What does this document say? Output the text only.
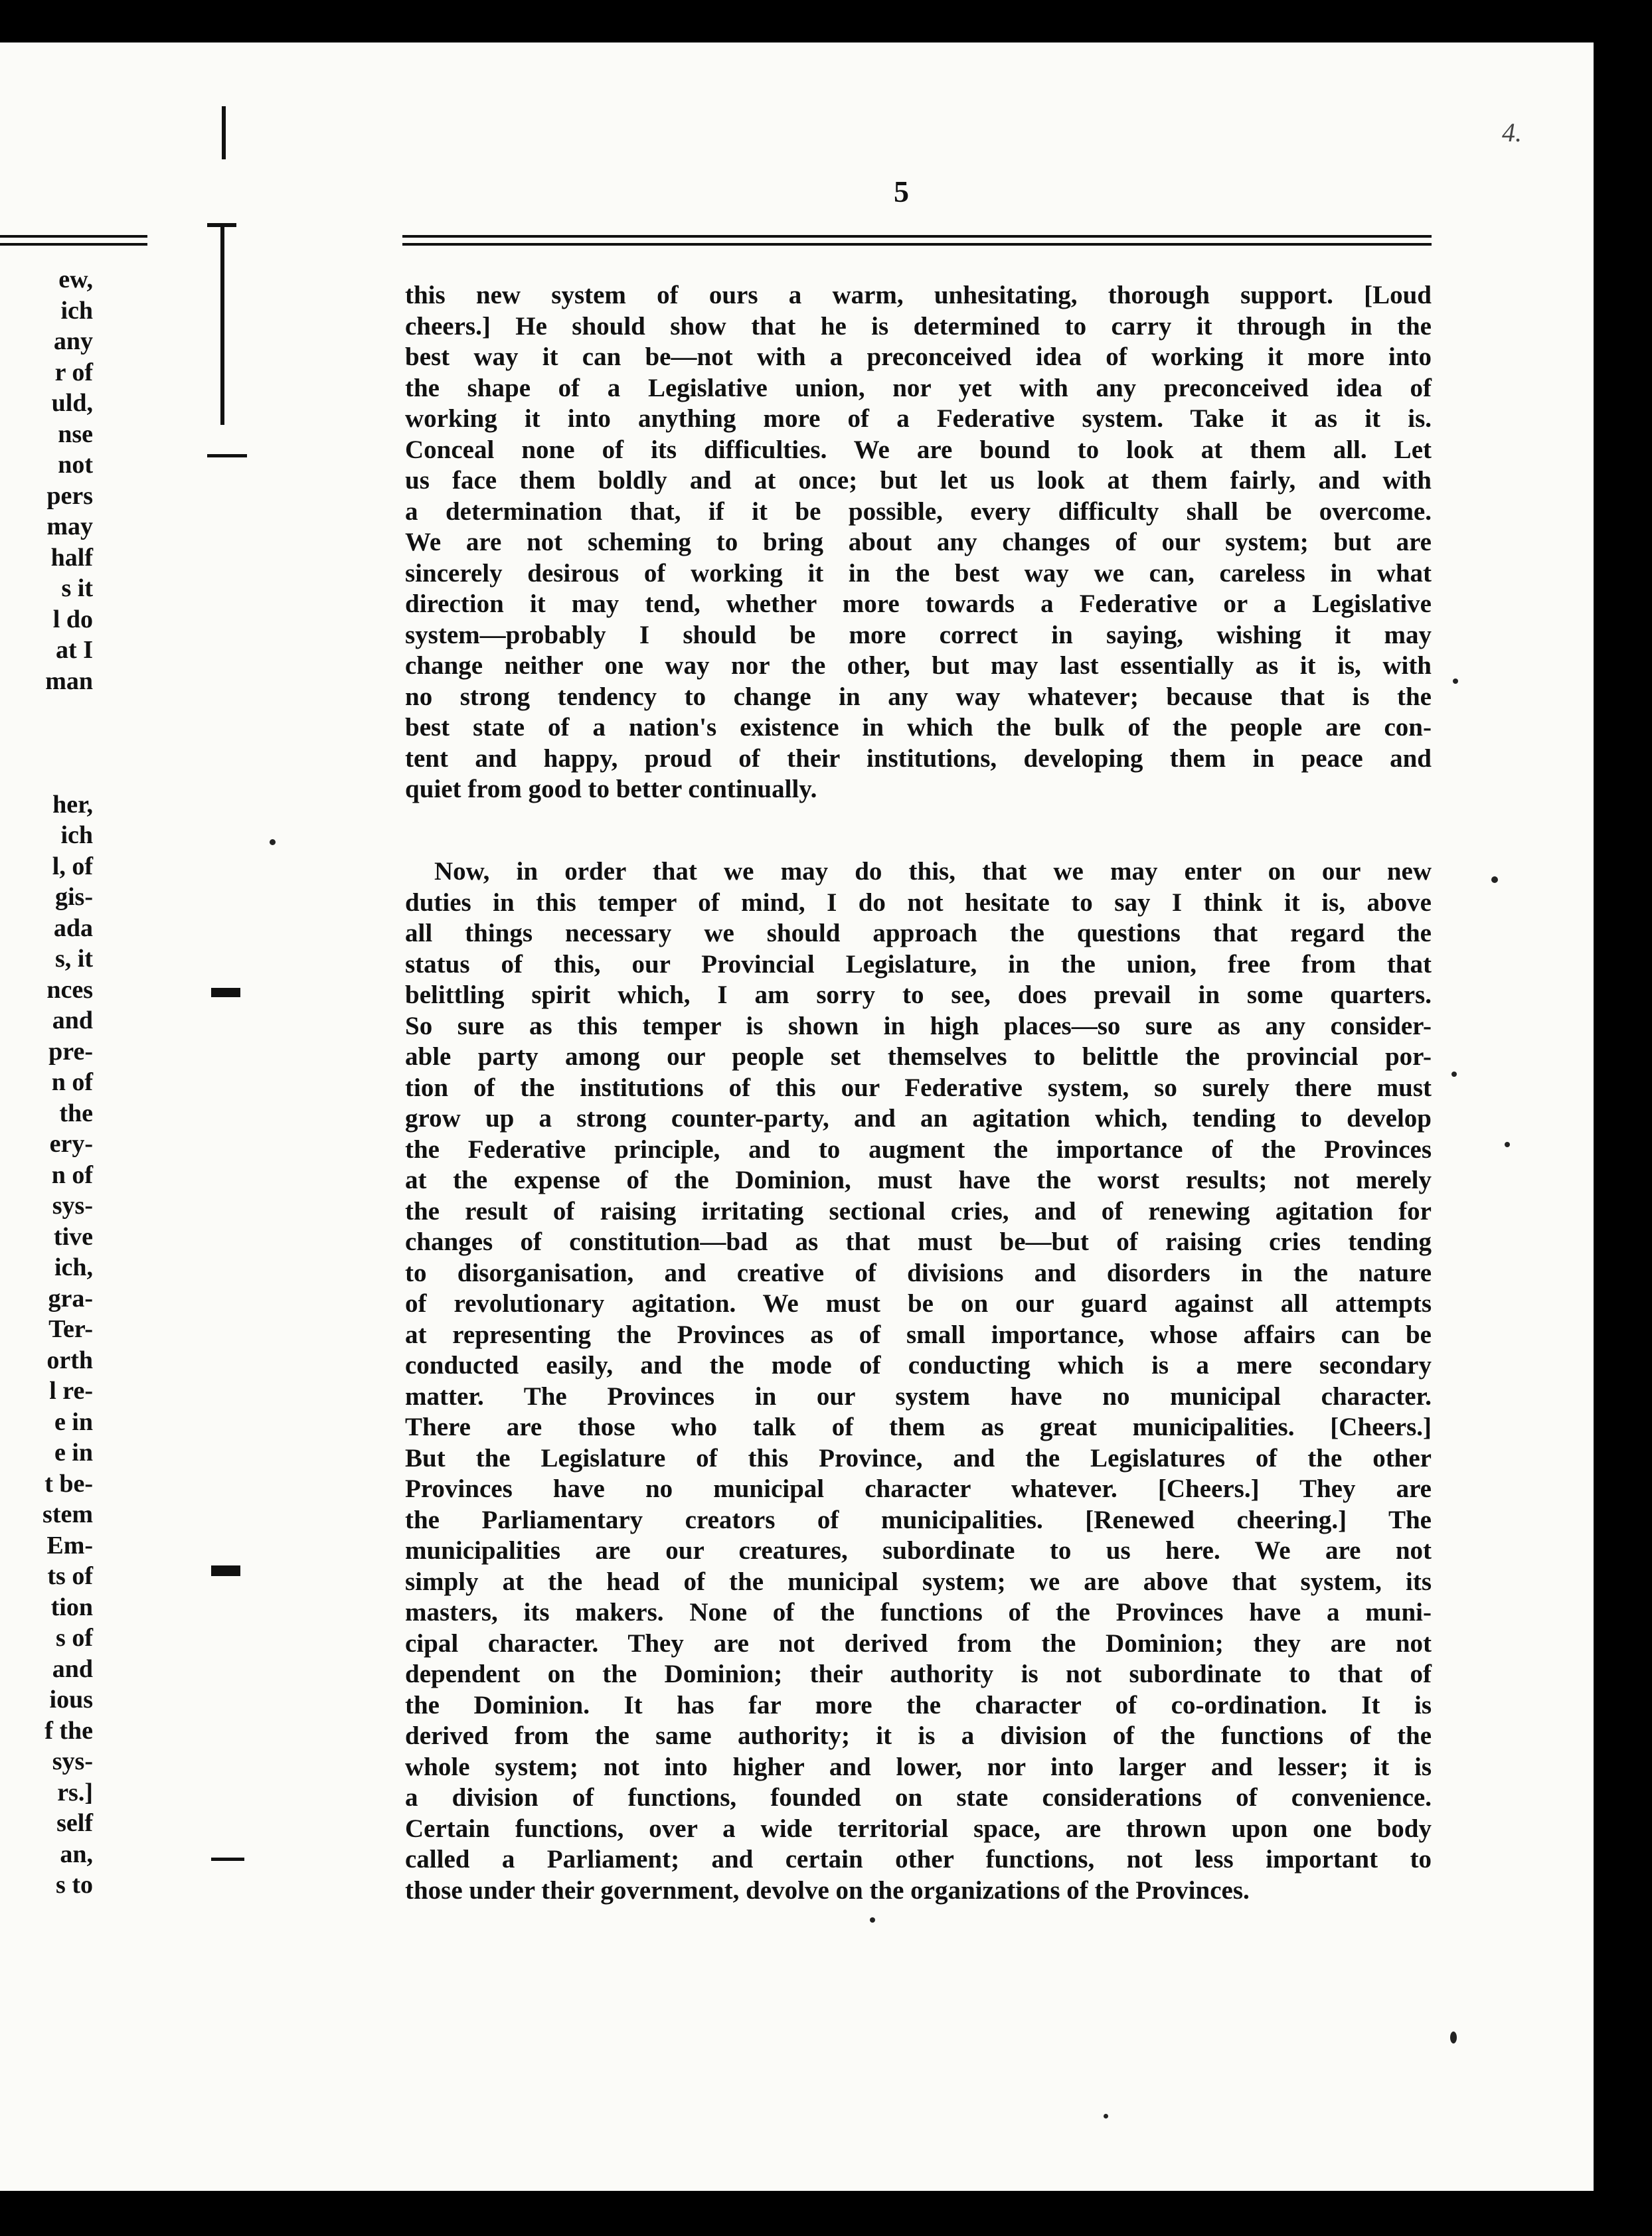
5
4.
ew,
ich
any
r of
uld,
nse
not
pers
may
half
s it
l do
at I
man
her,
ich
l, of
gis-
ada
s, it
nces
and
pre-
n of
the
ery-
n of
sys-
tive
ich,
gra-
Ter-
orth
l re-
e in
e in
t be-
stem
Em-
ts of
tion
s of
and
ious
f the
sys-
rs.]
self
an,
s to
this new system of ours a warm, unhesitating, thorough support. [Loud
cheers.] He should show that he is determined to carry it through in the
best way it can be—not with a preconceived idea of working it more into
the shape of a Legislative union, nor yet with any preconceived idea of
working it into anything more of a Federative system. Take it as it is.
Conceal none of its difficulties. We are bound to look at them all. Let
us face them boldly and at once; but let us look at them fairly, and with
a determination that, if it be possible, every difficulty shall be overcome.
We are not scheming to bring about any changes of our system; but are
sincerely desirous of working it in the best way we can, careless in what
direction it may tend, whether more towards a Federative or a Legislative
system—probably I should be more correct in saying, wishing it may
change neither one way nor the other, but may last essentially as it is, with
no strong tendency to change in any way whatever; because that is the
best state of a nation's existence in which the bulk of the people are con-
tent and happy, proud of their institutions, developing them in peace and
quiet from good to better continually.
Now, in order that we may do this, that we may enter on our new
duties in this temper of mind, I do not hesitate to say I think it is, above
all things necessary we should approach the questions that regard the
status of this, our Provincial Legislature, in the union, free from that
belittling spirit which, I am sorry to see, does prevail in some quarters.
So sure as this temper is shown in high places—so sure as any consider-
able party among our people set themselves to belittle the provincial por-
tion of the institutions of this our Federative system, so surely there must
grow up a strong counter-party, and an agitation which, tending to develop
the Federative principle, and to augment the importance of the Provinces
at the expense of the Dominion, must have the worst results; not merely
the result of raising irritating sectional cries, and of renewing agitation for
changes of constitution—bad as that must be—but of raising cries tending
to disorganisation, and creative of divisions and disorders in the nature
of revolutionary agitation. We must be on our guard against all attempts
at representing the Provinces as of small importance, whose affairs can be
conducted easily, and the mode of conducting which is a mere secondary
matter. The Provinces in our system have no municipal character.
There are those who talk of them as great municipalities. [Cheers.]
But the Legislature of this Province, and the Legislatures of the other
Provinces have no municipal character whatever. [Cheers.] They are
the Parliamentary creators of municipalities. [Renewed cheering.] The
municipalities are our creatures, subordinate to us here. We are not
simply at the head of the municipal system; we are above that system, its
masters, its makers. None of the functions of the Provinces have a muni-
cipal character. They are not derived from the Dominion; they are not
dependent on the Dominion; their authority is not subordinate to that of
the Dominion. It has far more the character of co-ordination. It is
derived from the same authority; it is a division of the functions of the
whole system; not into higher and lower, nor into larger and lesser; it is
a division of functions, founded on state considerations of convenience.
Certain functions, over a wide territorial space, are thrown upon one body
called a Parliament; and certain other functions, not less important to
those under their government, devolve on the organizations of the Provinces.
